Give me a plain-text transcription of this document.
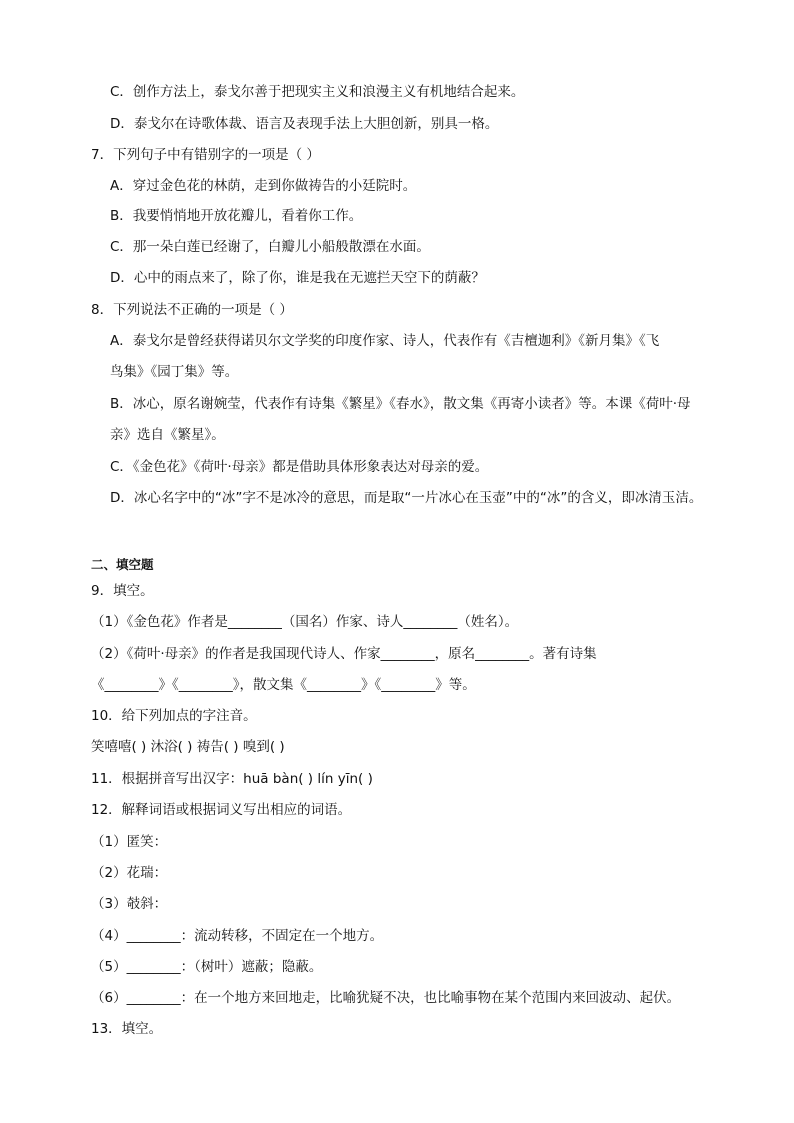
C．创作方法上，泰戈尔善于把现实主义和浪漫主义有机地结合起来。
D．泰戈尔在诗歌体裁、语言及表现手法上大胆创新，别具一格。
7．下列句子中有错别字的一项是（ ）
A．穿过金色花的林荫，走到你做祷告的小廷院时。
B．我要悄悄地开放花瓣儿，看着你工作。
C．那一朵白莲已经谢了，白瓣儿小船般散漂在水面。
D．心中的雨点来了，除了你，谁是我在无遮拦天空下的荫蔽？
8．下列说法不正确的一项是（ ）
A．泰戈尔是曾经获得诺贝尔文学奖的印度作家、诗人，代表作有《吉檀迦利》《新月集》《飞
鸟集》《园丁集》等。
B．冰心，原名谢婉莹，代表作有诗集《繁星》《春水》，散文集《再寄小读者》等。本课《荷叶·母
亲》选自《繁星》。
C．《金色花》《荷叶·母亲》都是借助具体形象表达对母亲的爱。
D．冰心名字中的“冰”字不是冰冷的意思，而是取“一片冰心在玉壶”中的“冰”的含义，即冰清玉洁。
二、填空题
9．填空。
（1）《金色花》作者是________（国名）作家、诗人________（姓名）。
（2）《荷叶·母亲》的作者是我国现代诗人、作家________，原名________。著有诗集
《________》《________》，散文集《________》《________》等。
10．给下列加点的字注音。
笑嘻嘻( ) 沐浴( ) 祷告( ) 嗅到( )
11．根据拼音写出汉字：huā bàn( ) lín yīn( )
12．解释词语或根据词义写出相应的词语。
（1）匿笑：
（2）花瑞：
（3）攲斜：
（4）________：流动转移，不固定在一个地方。
（5）________：（树叶）遮蔽；隐蔽。
（6）________：在一个地方来回地走，比喻犹疑不决，也比喻事物在某个范围内来回波动、起伏。
13．填空。
